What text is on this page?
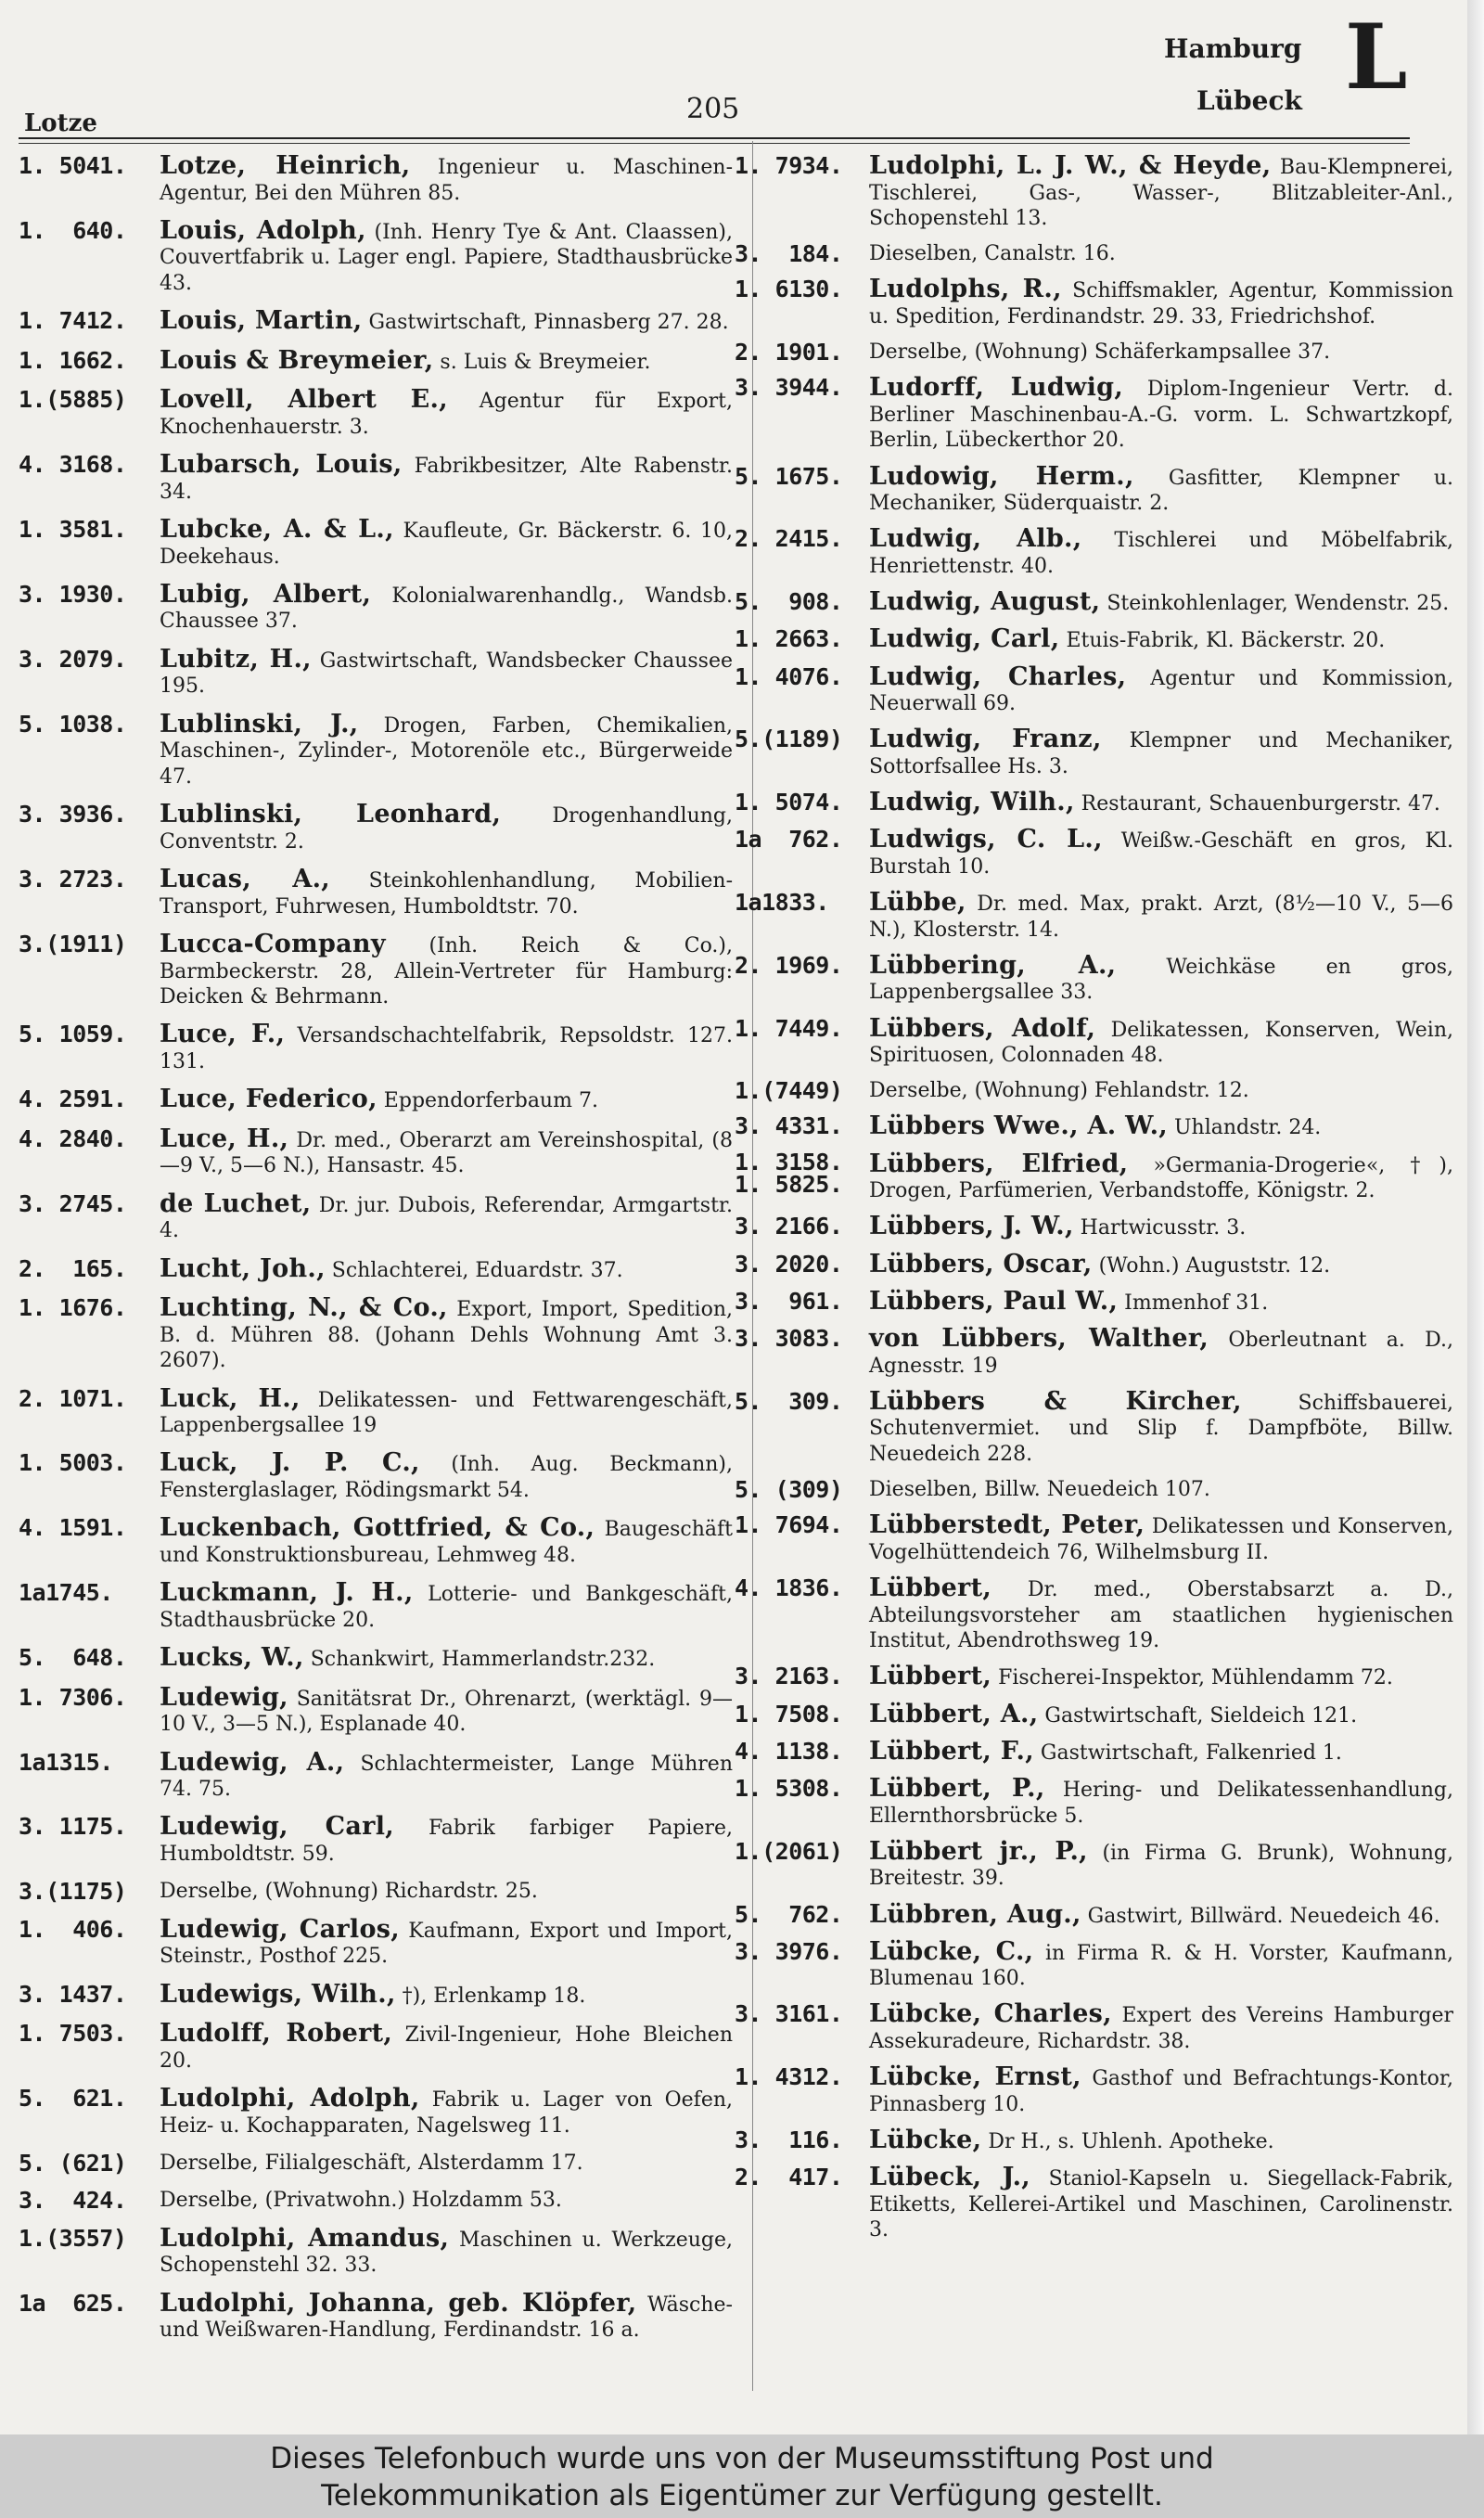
Lotze	205
Hamburg
Lübeck L
1. 5041. Lotze, Heinrich, Ingenieur u. Maschinen-Agentur, Bei den Mühren 85.
1.  640. Louis, Adolph, (Inh. Henry Tye & Ant. Claassen), Couvertfabrik u. Lager engl. Papiere, Stadthausbrücke 43.
1. 7412. Louis, Martin, Gastwirtschaft, Pinnasberg 27. 28.
1. 1662. Louis & Breymeier, s. Luis & Breymeier.
1.(5885) Lovell, Albert E., Agentur für Export, Knochenhauerstr. 3.
4. 3168. Lubarsch, Louis, Fabrikbesitzer, Alte Rabenstr. 34.
1. 3581. Lubcke, A. & L., Kaufleute, Gr. Bäckerstr. 6. 10, Deekehaus.
3. 1930. Lubig, Albert, Kolonialwarenhandlg., Wandsb. Chaussee 37.
3. 2079. Lubitz, H., Gastwirtschaft, Wandsbecker Chaussee 195.
5. 1038. Lublinski, J., Drogen, Farben, Chemikalien, Maschinen-, Zylinder-, Motorenöle etc., Bürgerweide 47.
3. 3936. Lublinski, Leonhard,	Drogenhandlung, Conventstr. 2.
3. 2723. Lucas, A., Steinkohlenhandlung, Mobilien-Transport, Fuhrwesen, Humboldtstr. 70.
3.(1911) Lucca-Company (Inh. Reich & Co.), Barmbeckerstr. 28, Allein-Vertreter für Hamburg: Deicken & Behrmann.
5. 1059. Luce, F., Versandschachtelfabrik, Repsoldstr. 127. 131.
4. 2591. Luce, Federico, Eppendorferbaum 7.
4. 2840. Luce, H., Dr. med., Oberarzt am Vereinshospital, (8—9 V., 5—6 N.), Hansastr. 45.
3. 2745. de Luchet, Dr. jur. Dubois, Referendar, Armgartstr. 4.
2.  165. Lucht, Joh., Schlachterei, Eduardstr. 37.
1. 1676. Luchting, N., & Co., Export, Import, Spedition, B. d. Mühren 88. (Johann Dehls Wohnung Amt 3. 2607).
2. 1071. Luck, H., Delikatessen- und Fettwarengeschäft, Lappenbergsallee 19
1. 5003. Luck, J. P. C., (Inh. Aug. Beckmann), Fensterglaslager, Rödingsmarkt 54.
4. 1591. Luckenbach, Gottfried, & Co., Baugeschäft und Konstruktionsbureau, Lehmweg 48.
1a1745. Luckmann, J. H., Lotterie- und Bankgeschäft, Stadthausbrücke 20.
5.  648. Lucks, W., Schankwirt, Hammerlandstr.232.
1. 7306. Ludewig, Sanitätsrat Dr., Ohrenarzt, (werktägl. 9—10 V., 3—5 N.), Esplanade 40.
1a1315. Ludewig, A., Schlachtermeister, Lange Mühren 74. 75.
3. 1175. Ludewig, Carl, Fabrik farbiger Papiere, Humboldtstr. 59.
3.(1175) Derselbe, (Wohnung) Richardstr. 25.
1.  406. Ludewig, Carlos, Kaufmann, Export und Import, Steinstr., Posthof 225.
3. 1437. Ludewigs, Wilh., †), Erlenkamp 18.
1. 7503. Ludolff, Robert, Zivil-Ingenieur, Hohe Bleichen 20.
5.  621. Ludolphi, Adolph, Fabrik u. Lager von Oefen, Heiz- u. Kochapparaten, Nagelsweg 11.
5. (621) Derselbe, Filialgeschäft, Alsterdamm 17.
3.  424. Derselbe, (Privatwohn.) Holzdamm 53.
1.(3557) Ludolphi, Amandus, Maschinen u. Werkzeuge, Schopenstehl 32. 33.
1a  625. Ludolphi, Johanna, geb. Klöpfer, Wäsche- und Weißwaren-Handlung, Ferdinandstr. 16 a.
1. 7934. Ludolphi, L. J. W., & Heyde, Bau-Klempnerei, Tischlerei, Gas-, Wasser-, Blitzableiter-Anl., Schopenstehl 13.
3.  184. Dieselben, Canalstr. 16.
1. 6130. Ludolphs, R., Schiffsmakler, Agentur, Kommission u. Spedition, Ferdinandstr. 29. 33, Friedrichshof.
2. 1901. Derselbe, (Wohnung) Schäferkampsallee 37.
3. 3944. Ludorff, Ludwig, Diplom-Ingenieur Vertr. d. Berliner Maschinenbau-A.-G. vorm. L. Schwartzkopf, Berlin, Lübeckerthor 20.
5. 1675. Ludowig, Herm., Gasfitter, Klempner u. Mechaniker, Süderquaistr. 2.
2. 2415. Ludwig, Alb., Tischlerei und Möbelfabrik, Henriettenstr. 40.
5.  908. Ludwig, August, Steinkohlenlager, Wendenstr. 25.
1. 2663. Ludwig, Carl, Etuis-Fabrik, Kl. Bäckerstr. 20.
1. 4076. Ludwig, Charles, Agentur und Kommission, Neuerwall 69.
5.(1189) Ludwig, Franz, Klempner und Mechaniker, Sottorfsallee Hs. 3.
1. 5074. Ludwig, Wilh., Restaurant, Schauenburgerstr. 47.
1a  762. Ludwigs, C. L., Weißw.-Geschäft en gros, Kl. Burstah 10.
1a1833. Lübbe, Dr. med. Max, prakt. Arzt, (8½—10 V., 5—6 N.), Klosterstr. 14.
2. 1969. Lübbering, A., Weichkäse en gros, Lappenbergsallee 33.
1. 7449. Lübbers, Adolf, Delikatessen, Konserven, Wein, Spirituosen, Colonnaden 48.
1.(7449) Derselbe, (Wohnung) Fehlandstr. 12.
3. 4331. Lübbers Wwe., A. W., Uhlandstr. 24.
1. 3158.
1. 5825.
Lübbers, Elfried, »Germania-Drogerie«, †), Drogen, Parfümerien, Verbandstoffe, Königstr. 2.
3. 2166. Lübbers, J. W., Hartwicusstr. 3.
3. 2020. Lübbers, Oscar, (Wohn.) Auguststr. 12.
3.  961. Lübbers, Paul W., Immenhof 31.
3. 3083. von Lübbers, Walther, Oberleutnant a. D., Agnesstr. 19
5.  309. Lübbers & Kircher,	Schiffsbauerei, Schutenvermiet. und Slip f. Dampfböte, Billw. Neuedeich 228.
5. (309) Dieselben, Billw. Neuedeich 107.
1. 7694. Lübberstedt, Peter, Delikatessen und Konserven, Vogelhüttendeich 76, Wilhelmsburg II.
4. 1836. Lübbert, Dr. med., Oberstabsarzt a. D., Abteilungsvorsteher am staatlichen hygienischen Institut, Abendrothsweg 19.
3. 2163. Lübbert, Fischerei-Inspektor, Mühlendamm 72.
1. 7508. Lübbert, A., Gastwirtschaft, Sieldeich 121.
4. 1138. Lübbert, F., Gastwirtschaft, Falkenried 1.
1. 5308. Lübbert, P., Hering- und Delikatessenhandlung, Ellernthorsbrücke 5.
1.(2061) Lübbert jr., P., (in Firma G. Brunk), Wohnung, Breitestr. 39.
5.  762. Lübbren, Aug., Gastwirt, Billwärd. Neuedeich 46.
3. 3976. Lübcke, C., in Firma R. & H. Vorster, Kaufmann, Blumenau 160.
3. 3161. Lübcke, Charles, Expert des Vereins Hamburger Assekuradeure, Richardstr. 38.
1. 4312. Lübcke, Ernst, Gasthof und Befrachtungs-Kontor, Pinnasberg 10.
3.  116. Lübcke, Dr H., s. Uhlenh. Apotheke.
2.  417. Lübeck, J., Staniol-Kapseln u. Siegellack-Fabrik, Etiketts, Kellerei-Artikel und Maschinen, Carolinenstr. 3.
Dieses Telefonbuch wurde uns von der Museumsstiftung Post und
Telekommunikation als Eigentümer zur Verfügung gestellt.
